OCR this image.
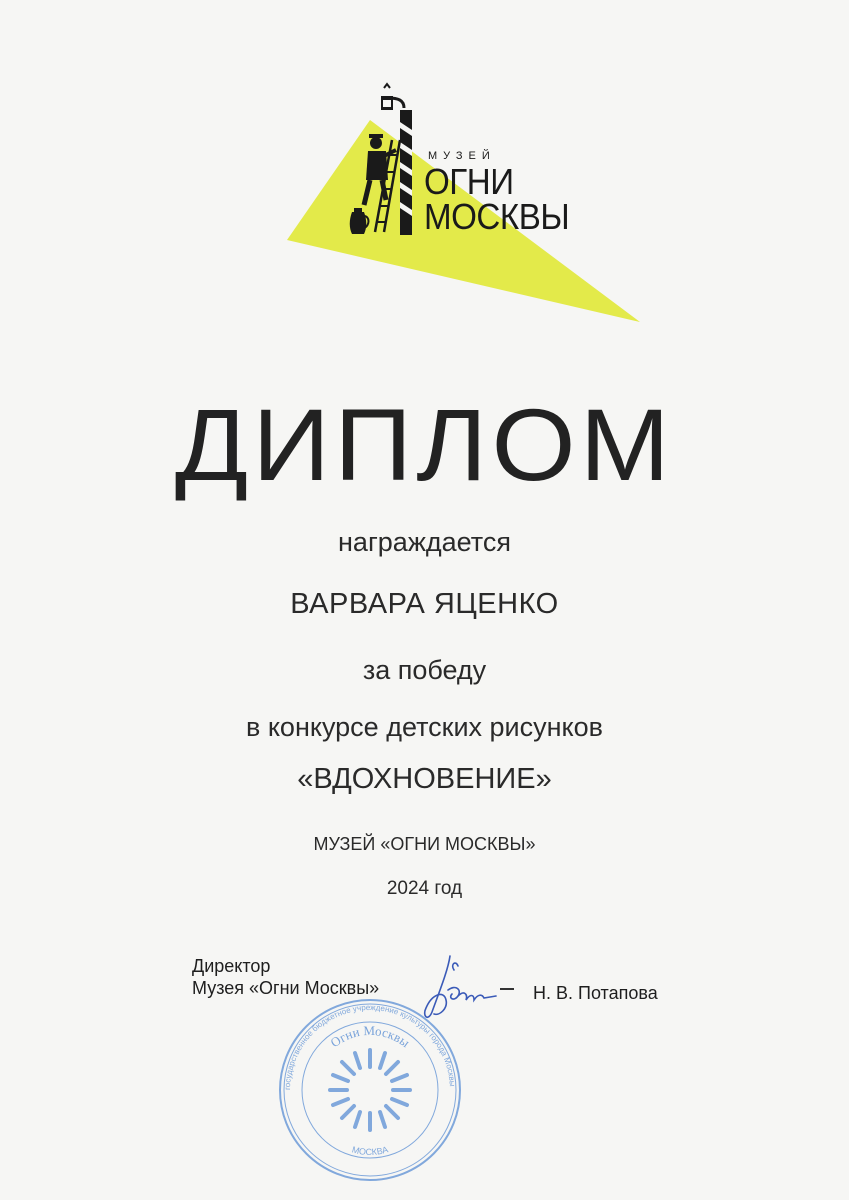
МУЗЕЙ
ОГНИ
МОСКВЫ
ДИПЛОМ
награждается
ВАРВАРА ЯЦЕНКО
за победу
в конкурсе детских рисунков
«ВДОХНОВЕНИЕ»
МУЗЕЙ «ОГНИ МОСКВЫ»
2024 год
государственное бюджетное учреждение культуры города Москвы
Огни Москвы
МОСКВА
Директор
Музея «Огни Москвы»	Н. В. Потапова
